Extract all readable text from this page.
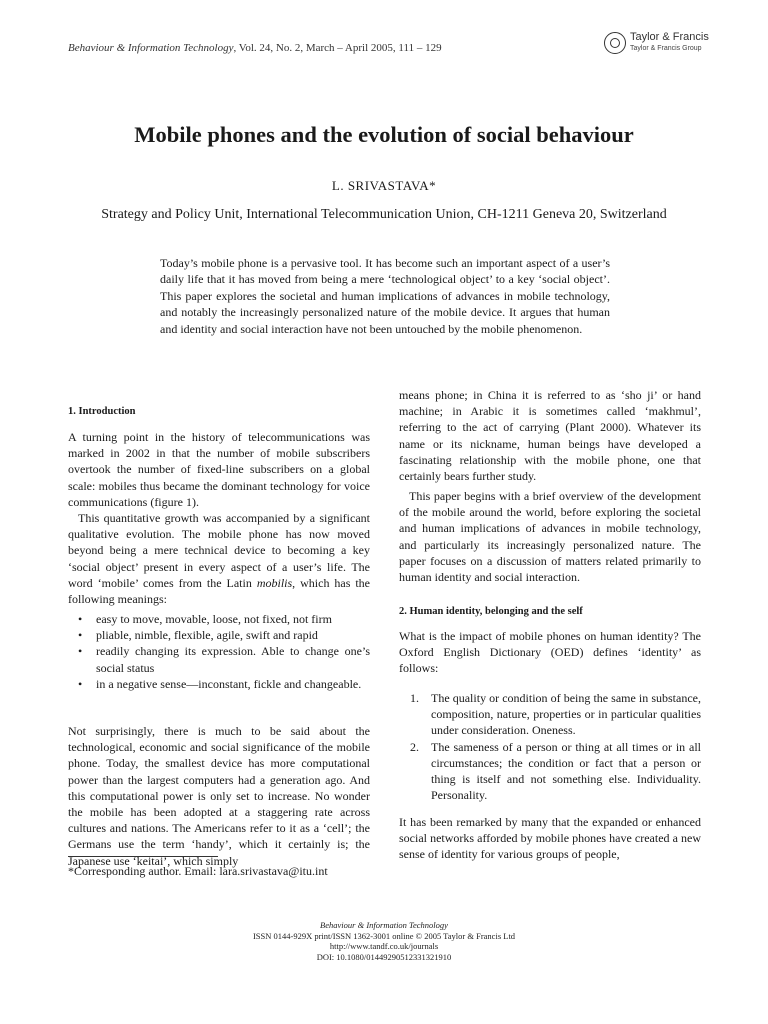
Behaviour & Information Technology, Vol. 24, No. 2, March – April 2005, 111 – 129
Taylor & Francis
Taylor & Francis Group
Mobile phones and the evolution of social behaviour
L. SRIVASTAVA*
Strategy and Policy Unit, International Telecommunication Union, CH-1211 Geneva 20, Switzerland
Today’s mobile phone is a pervasive tool. It has become such an important aspect of a user’s daily life that it has moved from being a mere ‘technological object’ to a key ‘social object’. This paper explores the societal and human implications of advances in mobile technology, and notably the increasingly personalized nature of the mobile device. It argues that human and identity and social interaction have not been untouched by the mobile phenomenon.

1. Introduction

A turning point in the history of telecommunications was marked in 2002 in that the number of mobile subscribers overtook the number of fixed-line subscribers on a global scale: mobiles thus became the dominant technology for voice communications (figure 1).

This quantitative growth was accompanied by a significant qualitative evolution. The mobile phone has now moved beyond being a mere technical device to becoming a key ‘social object’ present in every aspect of a user’s life. The word ‘mobile’ comes from the Latin mobilis, which has the following meanings:

• easy to move, movable, loose, not fixed, not firm
• pliable, nimble, flexible, agile, swift and rapid
• readily changing its expression. Able to change one’s social status
• in a negative sense—inconstant, fickle and changeable.

Not surprisingly, there is much to be said about the technological, economic and social significance of the mobile phone. Today, the smallest device has more computational power than the largest computers had a generation ago. And this computational power is only set to increase. No wonder the mobile has been adopted at a staggering rate across cultures and nations. The Americans refer to it as a ‘cell’; the Germans use the term ‘handy’, which it certainly is; the Japanese use ‘keitai’, which simply

means phone; in China it is referred to as ‘sho ji’ or hand machine; in Arabic it is sometimes called ‘makhmul’, referring to the act of carrying (Plant 2000). Whatever its name or its nickname, human beings have developed a fascinating relationship with the mobile phone, one that certainly bears further study.

This paper begins with a brief overview of the development of the mobile around the world, before exploring the societal and human implications of advances in mobile technology, and particularly its increasingly personalized nature. The paper focuses on a discussion of matters related primarily to human identity and social interaction.

2. Human identity, belonging and the self

What is the impact of mobile phones on human identity? The Oxford English Dictionary (OED) defines ‘identity’ as follows:

1. The quality or condition of being the same in substance, composition, nature, properties or in particular qualities under consideration. Oneness.
2. The sameness of a person or thing at all times or in all circumstances; the condition or fact that a person or thing is itself and not something else. Individuality. Personality.

It has been remarked by many that the expanded or enhanced social networks afforded by mobile phones have created a new sense of identity for various groups of people,

*Corresponding author. Email: lara.srivastava@itu.int
Behaviour & Information Technology
ISSN 0144-929X print/ISSN 1362-3001 online © 2005 Taylor & Francis Ltd
http://www.tandf.co.uk/journals
DOI: 10.1080/01449290512331321910
